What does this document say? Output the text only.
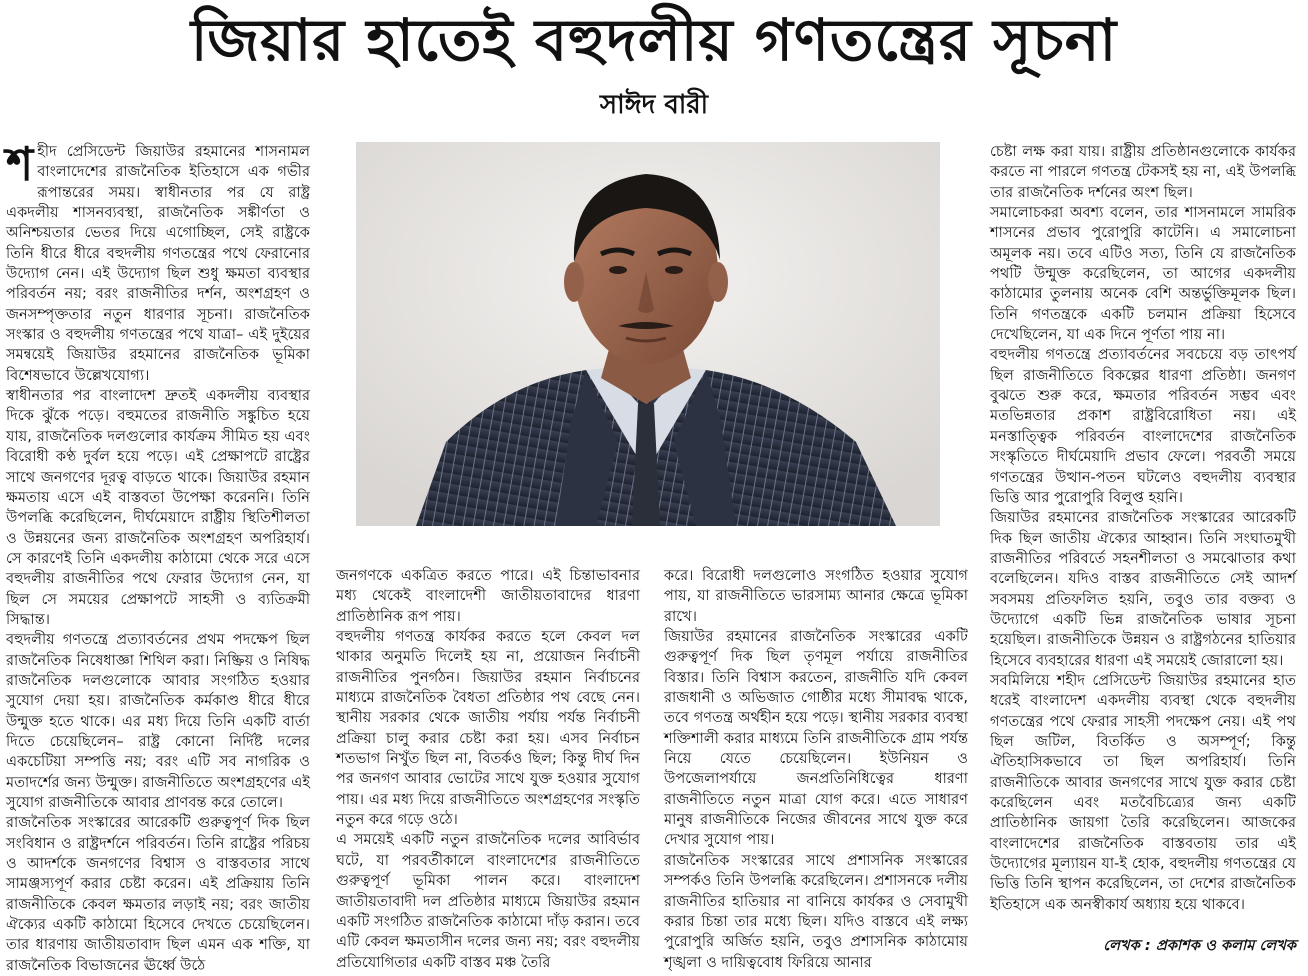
জিয়ার হাতেই বহুদলীয় গণতন্ত্রের সূচনা
সাঈদ বারী
শ হীদ প্রেসিডেন্ট জিয়াউর রহমানের শাসনামল বাংলাদেশের রাজনৈতিক ইতিহাসে এক গভীর রূপান্তরের সময়। স্বাধীনতার পর যে রাষ্ট্র একদলীয় শাসনব্যবস্থা, রাজনৈতিক সঙ্কীর্ণতা ও অনিশ্চয়তার ভেতর দিয়ে এগোচ্ছিল, সেই রাষ্ট্রকে তিনি ধীরে ধীরে বহুদলীয় গণতন্ত্রের পথে ফেরানোর উদ্যোগ নেন। এই উদ্যোগ ছিল শুধু ক্ষমতা ব্যবস্থার পরিবর্তন নয়; বরং রাজনীতির দর্শন, অংশগ্রহণ ও জনসম্পৃক্ততার নতুন ধারণার সূচনা। রাজনৈতিক সংস্কার ও বহুদলীয় গণতন্ত্রের পথে যাত্রা– এই দুইয়ের সমন্বয়েই জিয়াউর রহমানের রাজনৈতিক ভূমিকা বিশেষভাবে উল্লেখযোগ্য।

স্বাধীনতার পর বাংলাদেশ দ্রুতই একদলীয় ব্যবস্থার দিকে ঝুঁকে পড়ে। বহুমতের রাজনীতি সঙ্কুচিত হয়ে যায়, রাজনৈতিক দলগুলোর কার্যক্রম সীমিত হয় এবং বিরোধী কণ্ঠ দুর্বল হয়ে পড়ে। এই প্রেক্ষাপটে রাষ্ট্রের সাথে জনগণের দূরত্ব বাড়তে থাকে। জিয়াউর রহমান ক্ষমতায় এসে এই বাস্তবতা উপেক্ষা করেননি। তিনি উপলব্ধি করেছিলেন, দীর্ঘমেয়াদে রাষ্ট্রীয় স্থিতিশীলতা ও উন্নয়নের জন্য রাজনৈতিক অংশগ্রহণ অপরিহার্য। সে কারণেই তিনি একদলীয় কাঠামো থেকে সরে এসে বহুদলীয় রাজনীতির পথে ফেরার উদ্যোগ নেন, যা ছিল সে সময়ের প্রেক্ষাপটে সাহসী ও ব্যতিক্রমী সিদ্ধান্ত।

বহুদলীয় গণতন্ত্রে প্রত্যাবর্তনের প্রথম পদক্ষেপ ছিল রাজনৈতিক নিষেধাজ্ঞা শিথিল করা। নিষ্ক্রিয় ও নিষিদ্ধ রাজনৈতিক দলগুলোকে আবার সংগঠিত হওয়ার সুযোগ দেয়া হয়। রাজনৈতিক কর্মকাণ্ড ধীরে ধীরে উন্মুক্ত হতে থাকে। এর মধ্য দিয়ে তিনি একটি বার্তা দিতে চেয়েছিলেন– রাষ্ট্র কোনো নির্দিষ্ট দলের একচেটিয়া সম্পত্তি নয়; বরং এটি সব নাগরিক ও মতাদর্শের জন্য উন্মুক্ত। রাজনীতিতে অংশগ্রহণের এই সুযোগ রাজনীতিকে আবার প্রাণবন্ত করে তোলে।

রাজনৈতিক সংস্কারের আরেকটি গুরুত্বপূর্ণ দিক ছিল সংবিধান ও রাষ্ট্রদর্শনে পরিবর্তন। তিনি রাষ্ট্রের পরিচয় ও আদর্শকে জনগণের বিশ্বাস ও বাস্তবতার সাথে সামঞ্জস্যপূর্ণ করার চেষ্টা করেন। এই প্রক্রিয়ায় তিনি রাজনীতিকে কেবল ক্ষমতার লড়াই নয়; বরং জাতীয় ঐক্যের একটি কাঠামো হিসেবে দেখতে চেয়েছিলেন। তার ধারণায় জাতীয়তাবাদ ছিল এমন এক শক্তি, যা রাজনৈতিক বিভাজনের ঊর্ধ্বে উঠে

জনগণকে একত্রিত করতে পারে। এই চিন্তাভাবনার মধ্য থেকেই বাংলাদেশী জাতীয়তাবাদের ধারণা প্রাতিষ্ঠানিক রূপ পায়।

বহুদলীয় গণতন্ত্র কার্যকর করতে হলে কেবল দল থাকার অনুমতি দিলেই হয় না, প্রয়োজন নির্বাচনী রাজনীতির পুনর্গঠন। জিয়াউর রহমান নির্বাচনের মাধ্যমে রাজনৈতিক বৈধতা প্রতিষ্ঠার পথ বেছে নেন। স্থানীয় সরকার থেকে জাতীয় পর্যায় পর্যন্ত নির্বাচনী প্রক্রিয়া চালু করার চেষ্টা করা হয়। এসব নির্বাচন শতভাগ নিখুঁত ছিল না, বিতর্কও ছিল; কিন্তু দীর্ঘ দিন পর জনগণ আবার ভোটের সাথে যুক্ত হওয়ার সুযোগ পায়। এর মধ্য দিয়ে রাজনীতিতে অংশগ্রহণের সংস্কৃতি নতুন করে গড়ে ওঠে।

এ সময়েই একটি নতুন রাজনৈতিক দলের আবির্ভাব ঘটে, যা পরবর্তীকালে বাংলাদেশের রাজনীতিতে গুরুত্বপূর্ণ ভূমিকা পালন করে। বাংলাদেশ জাতীয়তাবাদী দল প্রতিষ্ঠার মাধ্যমে জিয়াউর রহমান একটি সংগঠিত রাজনৈতিক কাঠামো দাঁড় করান। তবে এটি কেবল ক্ষমতাসীন দলের জন্য নয়; বরং বহুদলীয় প্রতিযোগিতার একটি বাস্তব মঞ্চ তৈরি

করে। বিরোধী দলগুলোও সংগঠিত হওয়ার সুযোগ পায়, যা রাজনীতিতে ভারসাম্য আনার ক্ষেত্রে ভূমিকা রাখে।

জিয়াউর রহমানের রাজনৈতিক সংস্কারের একটি গুরুত্বপূর্ণ দিক ছিল তৃণমূল পর্যায়ে রাজনীতির বিস্তার। তিনি বিশ্বাস করতেন, রাজনীতি যদি কেবল রাজধানী ও অভিজাত গোষ্ঠীর মধ্যে সীমাবদ্ধ থাকে, তবে গণতন্ত্র অর্থহীন হয়ে পড়ে। স্থানীয় সরকার ব্যবস্থা শক্তিশালী করার মাধ্যমে তিনি রাজনীতিকে গ্রাম পর্যন্ত নিয়ে যেতে চেয়েছিলেন। ইউনিয়ন ও উপজেলাপর্যায়ে জনপ্রতিনিধিত্বের ধারণা রাজনীতিতে নতুন মাত্রা যোগ করে। এতে সাধারণ মানুষ রাজনীতিকে নিজের জীবনের সাথে যুক্ত করে দেখার সুযোগ পায়।

রাজনৈতিক সংস্কারের সাথে প্রশাসনিক সংস্কারের সম্পর্কও তিনি উপলব্ধি করেছিলেন। প্রশাসনকে দলীয় রাজনীতির হাতিয়ার না বানিয়ে কার্যকর ও সেবামুখী করার চিন্তা তার মধ্যে ছিল। যদিও বাস্তবে এই লক্ষ্য পুরোপুরি অর্জিত হয়নি, তবুও প্রশাসনিক কাঠামোয় শৃঙ্খলা ও দায়িত্ববোধ ফিরিয়ে আনার

চেষ্টা লক্ষ করা যায়। রাষ্ট্রীয় প্রতিষ্ঠানগুলোকে কার্যকর করতে না পারলে গণতন্ত্র টেকসই হয় না, এই উপলব্ধি তার রাজনৈতিক দর্শনের অংশ ছিল।

সমালোচকরা অবশ্য বলেন, তার শাসনামলে সামরিক শাসনের প্রভাব পুরোপুরি কাটেনি। এ সমালোচনা অমূলক নয়। তবে এটিও সত্য, তিনি যে রাজনৈতিক পথটি উন্মুক্ত করেছিলেন, তা আগের একদলীয় কাঠামোর তুলনায় অনেক বেশি অন্তর্ভুক্তিমূলক ছিল। তিনি গণতন্ত্রকে একটি চলমান প্রক্রিয়া হিসেবে দেখেছিলেন, যা এক দিনে পূর্ণতা পায় না।

বহুদলীয় গণতন্ত্রে প্রত্যাবর্তনের সবচেয়ে বড় তাৎপর্য ছিল রাজনীতিতে বিকল্পের ধারণা প্রতিষ্ঠা। জনগণ বুঝতে শুরু করে, ক্ষমতার পরিবর্তন সম্ভব এবং মতভিন্নতার প্রকাশ রাষ্ট্রবিরোধিতা নয়। এই মনস্তাত্ত্বিক পরিবর্তন বাংলাদেশের রাজনৈতিক সংস্কৃতিতে দীর্ঘমেয়াদি প্রভাব ফেলে। পরবর্তী সময়ে গণতন্ত্রের উত্থান-পতন ঘটলেও বহুদলীয় ব্যবস্থার ভিত্তি আর পুরোপুরি বিলুপ্ত হয়নি।

জিয়াউর রহমানের রাজনৈতিক সংস্কারের আরেকটি দিক ছিল জাতীয় ঐক্যের আহ্বান। তিনি সংঘাতমুখী রাজনীতির পরিবর্তে সহনশীলতা ও সমঝোতার কথা বলেছিলেন। যদিও বাস্তব রাজনীতিতে সেই আদর্শ সবসময় প্রতিফলিত হয়নি, তবুও তার বক্তব্য ও উদ্যোগে একটি ভিন্ন রাজনৈতিক ভাষার সূচনা হয়েছিল। রাজনীতিকে উন্নয়ন ও রাষ্ট্রগঠনের হাতিয়ার হিসেবে ব্যবহারের ধারণা এই সময়েই জোরালো হয়।

সবমিলিয়ে শহীদ প্রেসিডেন্ট জিয়াউর রহমানের হাত ধরেই বাংলাদেশ একদলীয় ব্যবস্থা থেকে বহুদলীয় গণতন্ত্রের পথে ফেরার সাহসী পদক্ষেপ নেয়। এই পথ ছিল জটিল, বিতর্কিত ও অসম্পূর্ণ; কিন্তু ঐতিহাসিকভাবে তা ছিল অপরিহার্য। তিনি রাজনীতিকে আবার জনগণের সাথে যুক্ত করার চেষ্টা করেছিলেন এবং মতবৈচিত্র্যের জন্য একটি প্রাতিষ্ঠানিক জায়গা তৈরি করেছিলেন। আজকের বাংলাদেশের রাজনৈতিক বাস্তবতায় তার এই উদ্যোগের মূল্যায়ন যা-ই হোক, বহুদলীয় গণতন্ত্রের যে ভিত্তি তিনি স্থাপন করেছিলেন, তা দেশের রাজনৈতিক ইতিহাসে এক অনস্বীকার্য অধ্যায় হয়ে থাকবে।

লেখক : প্রকাশক ও কলাম লেখক
